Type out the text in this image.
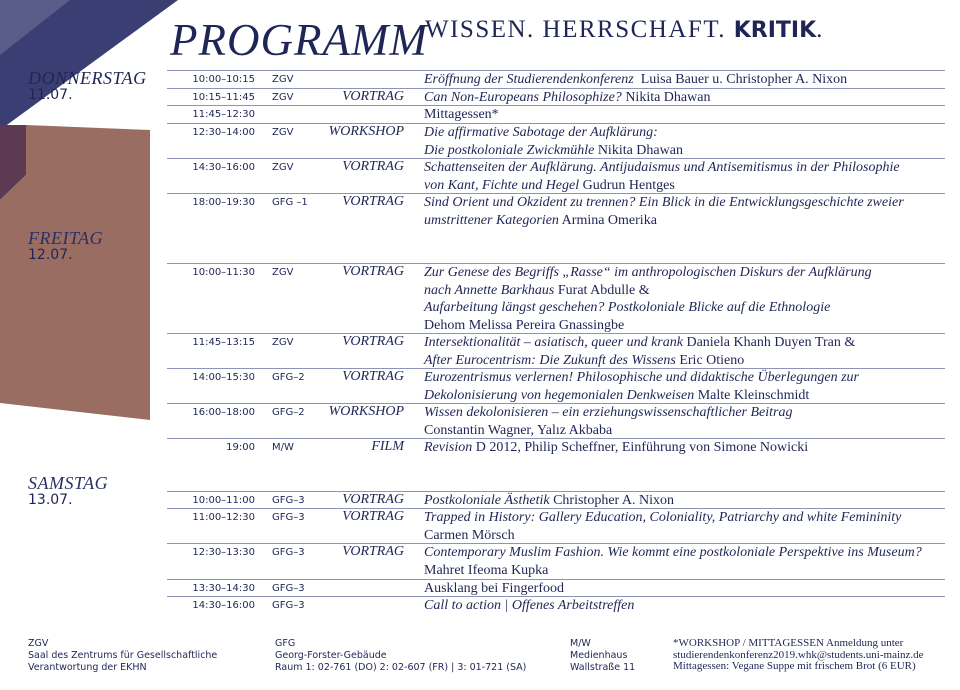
PROGRAMM
WISSEN. HERRSCHAFT. KRITIK.
DONNERSTAG
11.07.
FREITAG
12.07.
SAMSTAG
13.07.
10:00–10:15 ZGV	Eröffnung der Studierendenkonferenz  Luisa Bauer u. Christopher A. Nixon
10:15–11:45 ZGV	VORTRAG Can Non-Europeans Philosophize? Nikita Dhawan
11:45–12:30	Mittagessen*
12:30–14:00 ZGV	WORKSHOP Die affirmative Sabotage der Aufklärung:
Die postkoloniale Zwickmühle Nikita Dhawan
14:30–16:00 ZGV	VORTRAG Schattenseiten der Aufklärung. Antijudaismus und Antisemitismus in der Philosophie
von Kant, Fichte und Hegel Gudrun Hentges
18:00–19:30 GFG –1	VORTRAG Sind Orient und Okzident zu trennen? Ein Blick in die Entwicklungsgeschichte zweier
umstrittener Kategorien Armina Omerika
10:00–11:30 ZGV	VORTRAG Zur Genese des Begriffs „Rasse“ im anthropologischen Diskurs der Aufklärung
nach Annette Barkhaus Furat Abdulle &
Aufarbeitung längst geschehen? Postkoloniale Blicke auf die Ethnologie
Dehom Melissa Pereira Gnassingbe
11:45–13:15 ZGV	VORTRAG Intersektionalität – asiatisch, queer und krank Daniela Khanh Duyen Tran &
After Eurocentrism: Die Zukunft des Wissens Eric Otieno
14:00–15:30 GFG–2	VORTRAG Eurozentrismus verlernen! Philosophische und didaktische Überlegungen zur
Dekolonisierung von hegemonialen Denkweisen Malte Kleinschmidt
16:00–18:00 GFG–2	WORKSHOP Wissen dekolonisieren – ein erziehungswissenschaftlicher Beitrag
Constantin Wagner, Yalız Akbaba
19:00 M/W	FILM Revision D 2012, Philip Scheffner, Einführung von Simone Nowicki
10:00–11:00 GFG–3	VORTRAG Postkoloniale Ästhetik Christopher A. Nixon
11:00–12:30 GFG–3	VORTRAG Trapped in History: Gallery Education, Coloniality, Patriarchy and white Femininity
Carmen Mörsch
12:30–13:30 GFG–3	VORTRAG Contemporary Muslim Fashion. Wie kommt eine postkoloniale Perspektive ins Museum?
Mahret Ifeoma Kupka
13:30–14:30 GFG–3	Ausklang bei Fingerfood
14:30–16:00 GFG–3	Call to action | Offenes Arbeitstreffen
ZGV
Saal des Zentrums für Gesellschaftliche
Verantwortung der EKHN
GFG
Georg-Forster-Gebäude
Raum 1: 02-761 (DO) 2: 02-607 (FR) | 3: 01-721 (SA)
M/W
Medienhaus
Wallstraße 11
*WORKSHOP / MITTAGESSEN Anmeldung unter
studierendenkonferenz2019.whk@students.uni-mainz.de
Mittagessen: Vegane Suppe mit frischem Brot (6 EUR)
